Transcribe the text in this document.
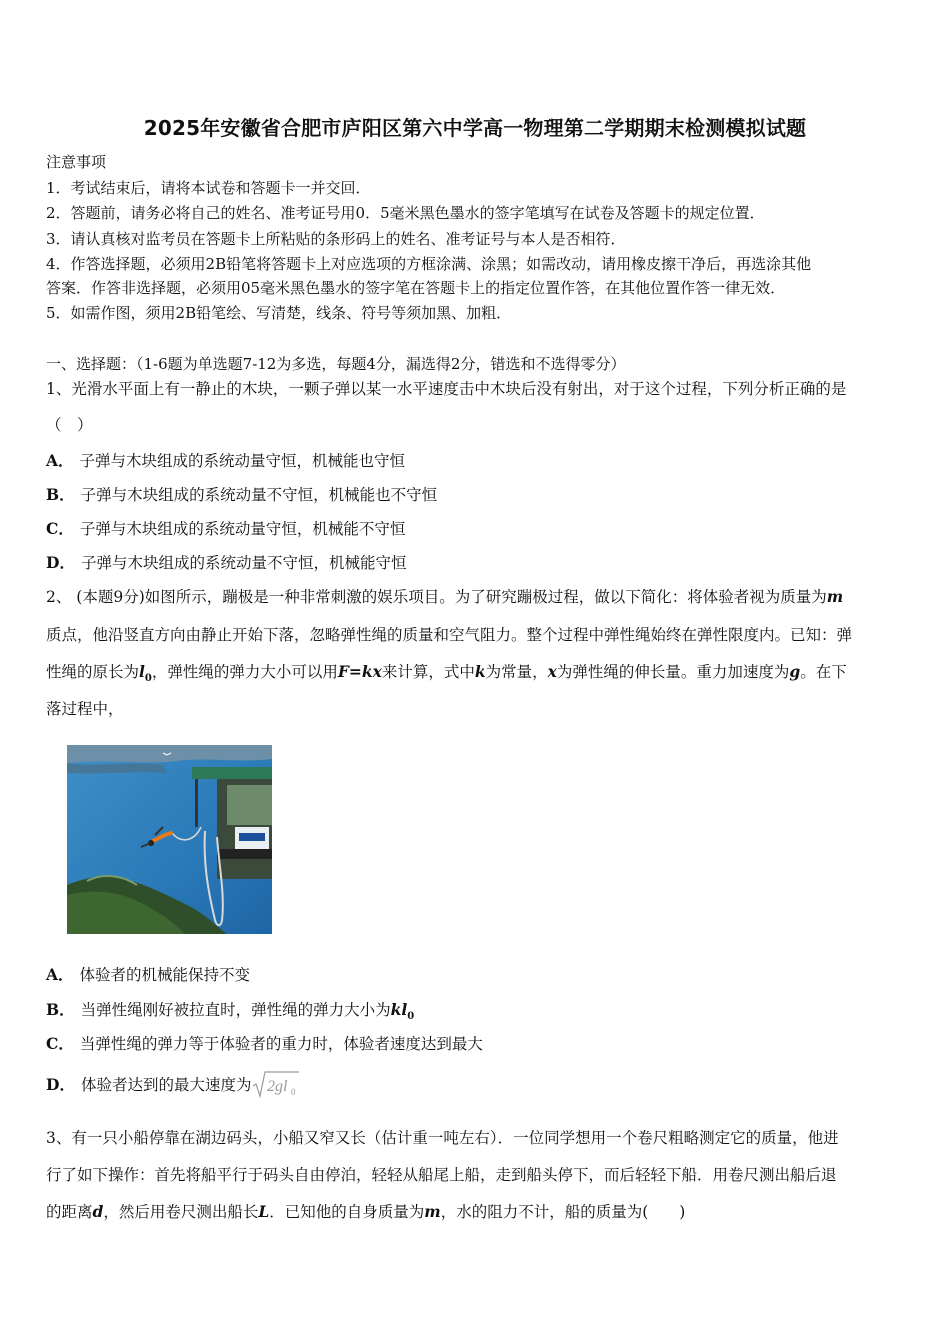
2025年安徽省合肥市庐阳区第六中学高一物理第二学期期末检测模拟试题
注意事项
1．考试结束后，请将本试卷和答题卡一并交回．
2．答题前，请务必将自己的姓名、准考证号用0．5毫米黑色墨水的签字笔填写在试卷及答题卡的规定位置．
3．请认真核对监考员在答题卡上所粘贴的条形码上的姓名、准考证号与本人是否相符．
4．作答选择题，必须用2B铅笔将答题卡上对应选项的方框涂满、涂黑；如需改动，请用橡皮擦干净后，再选涂其他
答案．作答非选择题，必须用05毫米黑色墨水的签字笔在答题卡上的指定位置作答，在其他位置作答一律无效．
5．如需作图，须用2B铅笔绘、写清楚，线条、符号等须加黑、加粗．
一、选择题：（1-6题为单选题7-12为多选，每题4分，漏选得2分，错选和不选得零分）
1、光滑水平面上有一静止的木块，一颗子弹以某一水平速度击中木块后没有射出，对于这个过程，下列分析正确的是
（　）
A． 子弹与木块组成的系统动量守恒，机械能也守恒
B． 子弹与木块组成的系统动量不守恒，机械能也不守恒
C． 子弹与木块组成的系统动量守恒，机械能不守恒
D． 子弹与木块组成的系统动量不守恒，机械能守恒
2、 (本题9分)如图所示，蹦极是一种非常刺激的娱乐项目。为了研究蹦极过程，做以下简化：将体验者视为质量为m
质点，他沿竖直方向由静止开始下落，忽略弹性绳的质量和空气阻力。整个过程中弹性绳始终在弹性限度内。已知：弹
性绳的原长为$l_0$，弹性绳的弹力大小可以用F=kx来计算，式中k为常量，x为弹性绳的伸长量。重力加速度为g。在下
落过程中，
A． 体验者的机械能保持不变
B． 当弹性绳刚好被拉直时，弹性绳的弹力大小为$kl_0$
C． 当弹性绳的弹力等于体验者的重力时，体验者速度达到最大
D． 体验者达到的最大速度为 2gl 0
3、有一只小船停靠在湖边码头，小船又窄又长（估计重一吨左右）．一位同学想用一个卷尺粗略测定它的质量，他进
行了如下操作：首先将船平行于码头自由停泊，轻轻从船尾上船，走到船头停下，而后轻轻下船．用卷尺测出船后退
的距离d，然后用卷尺测出船长L．已知他的自身质量为m，水的阻力不计，船的质量为(　　)
